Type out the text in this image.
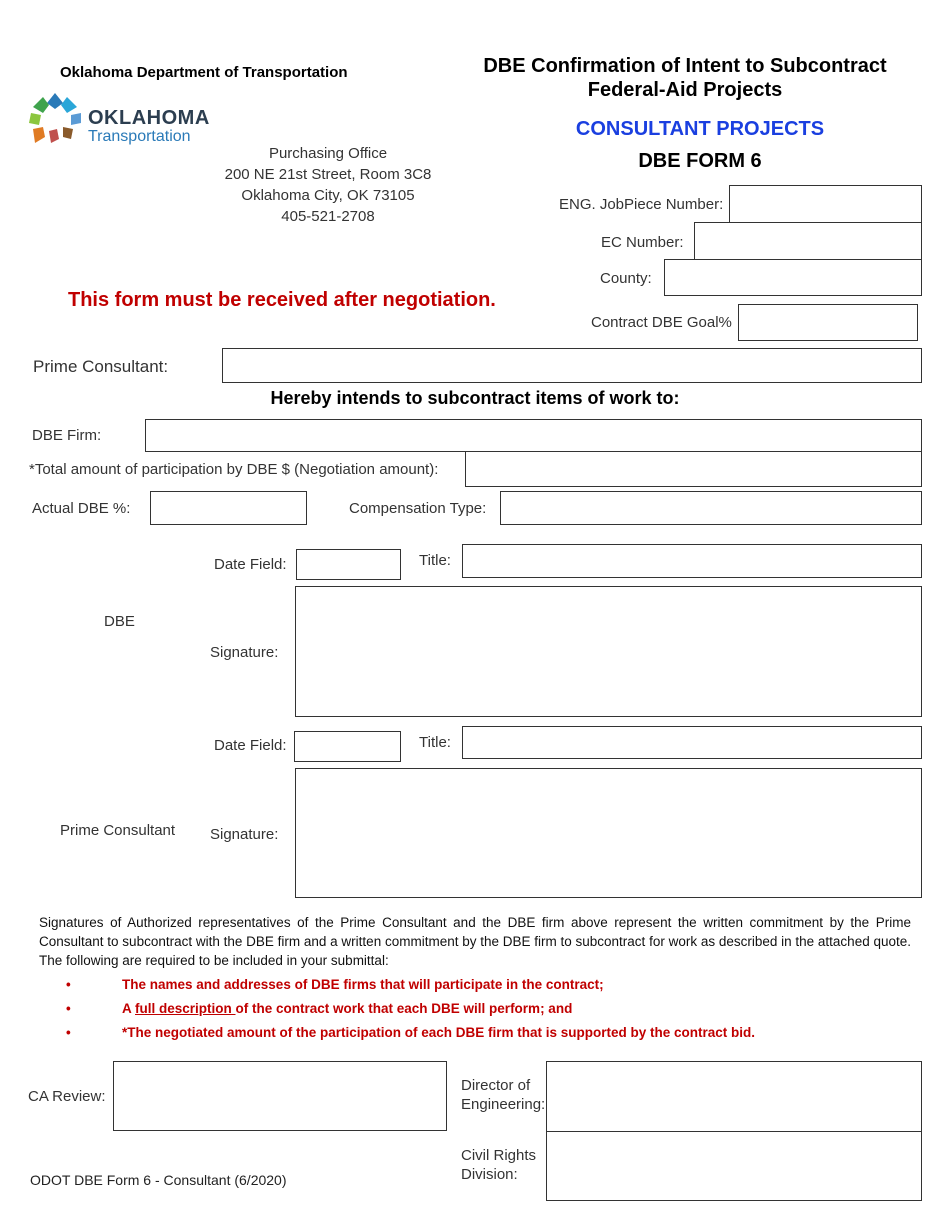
Oklahoma Department of Transportation
OKLAHOMA
Transportation
Purchasing Office
200 NE 21st Street, Room 3C8
Oklahoma City, OK 73105
405-521-2708
DBE Confirmation of Intent to Subcontract
Federal-Aid Projects
CONSULTANT PROJECTS
DBE FORM 6
ENG. JobPiece Number:
EC Number:
County:
Contract DBE Goal%
This form must be received after negotiation.
Prime Consultant:
Hereby intends to subcontract items of work to:
DBE Firm:
*Total amount of participation by DBE $ (Negotiation amount):
Actual DBE %:	Compensation Type:
Date Field:	Title:
DBE
Signature:
Date Field:	Title:
Prime Consultant Signature:
Signatures of Authorized representatives of the Prime Consultant and the DBE firm above represent the written commitment by the Prime Consultant to subcontract with the DBE firm and a written commitment by the DBE firm to subcontract for work as described in the attached quote. The following are required to be included in your submittal:
•	The names and addresses of DBE firms that will participate in the contract;
•	A full description of the contract work that each DBE will perform; and
•	*The negotiated amount of the participation of each DBE firm that is supported by the contract bid.
CA Review:
Director of
Engineering:
Civil Rights
Division:
ODOT DBE Form 6 - Consultant (6/2020)
